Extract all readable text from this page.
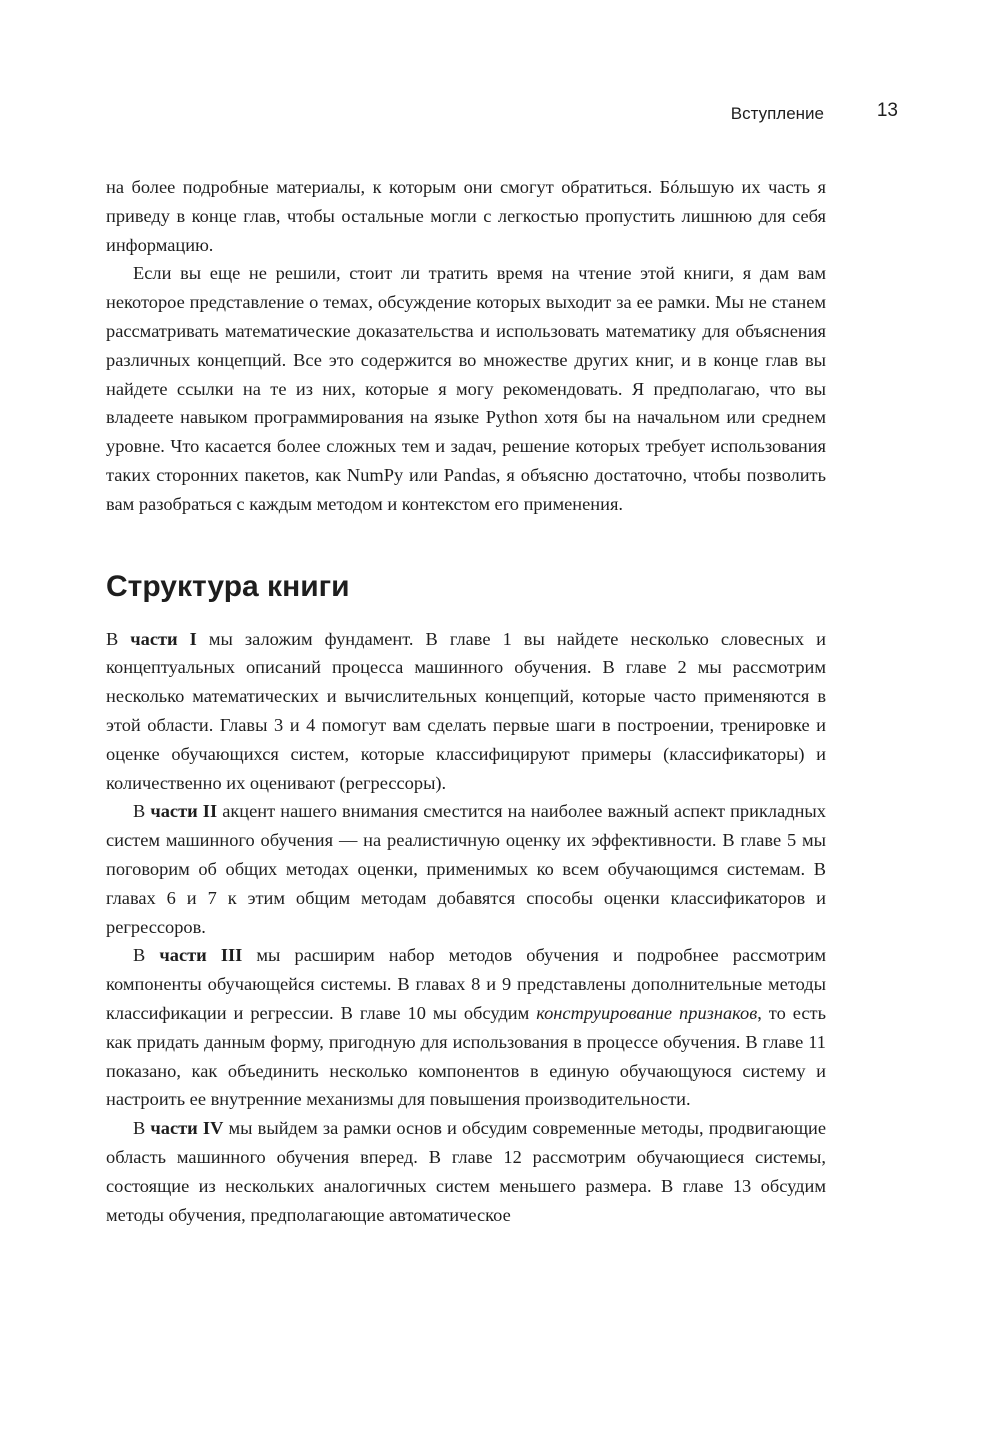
Вступление	13

на более подробные материалы, к которым они смогут обратиться. Бóльшую их часть я приведу в конце глав, чтобы остальные могли с легкостью пропустить лишнюю для себя информацию.

Если вы еще не решили, стоит ли тратить время на чтение этой книги, я дам вам некоторое представление о темах, обсуждение которых выходит за ее рамки. Мы не станем рассматривать математические доказательства и использовать математику для объяснения различных концепций. Все это содержится во множестве других книг, и в конце глав вы найдете ссылки на те из них, которые я могу рекомендовать. Я предполагаю, что вы владеете навыком программирования на языке Python хотя бы на начальном или среднем уровне. Что касается более сложных тем и задач, решение которых требует использования таких сторонних пакетов, как NumPy или Pandas, я объясню достаточно, чтобы позволить вам разобраться с каждым методом и контекстом его применения.

Структура книги

В части I мы заложим фундамент. В главе 1 вы найдете несколько словесных и концептуальных описаний процесса машинного обучения. В главе 2 мы рассмотрим несколько математических и вычислительных концепций, которые часто применяются в этой области. Главы 3 и 4 помогут вам сделать первые шаги в построении, тренировке и оценке обучающихся систем, которые классифицируют примеры (классификаторы) и количественно их оценивают (регрессоры).

В части II акцент нашего внимания сместится на наиболее важный аспект прикладных систем машинного обучения — на реалистичную оценку их эффективности. В главе 5 мы поговорим об общих методах оценки, применимых ко всем обучающимся системам. В главах 6 и 7 к этим общим методам добавятся способы оценки классификаторов и регрессоров.

В части III мы расширим набор методов обучения и подробнее рассмотрим компоненты обучающейся системы. В главах 8 и 9 представлены дополнительные методы классификации и регрессии. В главе 10 мы обсудим конструирование признаков, то есть как придать данным форму, пригодную для использования в процессе обучения. В главе 11 показано, как объединить несколько компонентов в единую обучающуюся систему и настроить ее внутренние механизмы для повышения производительности.

В части IV мы выйдем за рамки основ и обсудим современные методы, продвигающие область машинного обучения вперед. В главе 12 рассмотрим обучающиеся системы, состоящие из нескольких аналогичных систем меньшего размера. В главе 13 обсудим методы обучения, предполагающие автоматическое
